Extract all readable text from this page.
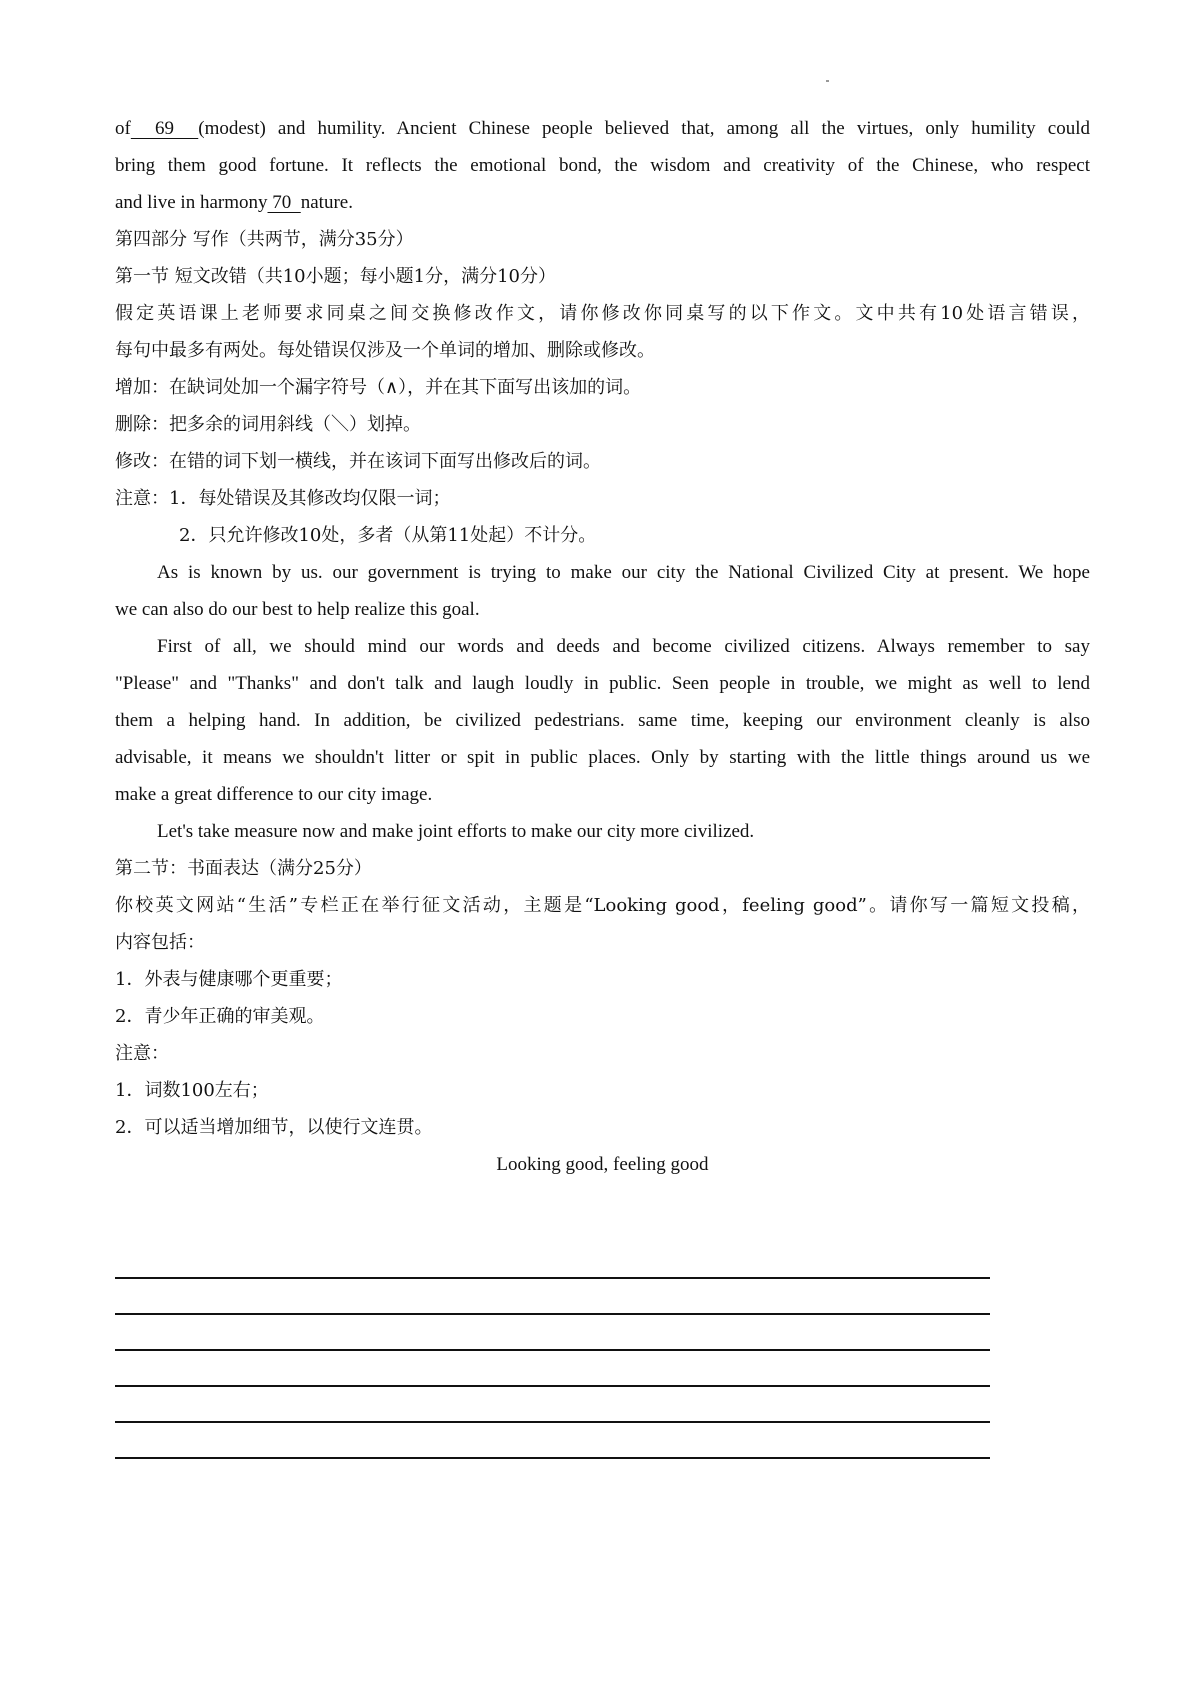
of  69  (modest) and humility. Ancient Chinese people believed that, among all the virtues, only humility could
bring them good fortune. It reflects the emotional bond, the wisdom and creativity of the Chinese, who respect
and live in harmony 70  nature.
第四部分 写作（共两节，满分35分）
第一节 短文改错（共10小题；每小题1分，满分10分）
假定英语课上老师要求同桌之间交换修改作文，请你修改你同桌写的以下作文。文中共有10处语言错误，
每句中最多有两处。每处错误仅涉及一个单词的增加、删除或修改。
增加：在缺词处加一个漏字符号（∧），并在其下面写出该加的词。
删除：把多余的词用斜线（＼）划掉。
修改：在错的词下划一横线，并在该词下面写出修改后的词。
注意：1．每处错误及其修改均仅限一词；
2．只允许修改10处，多者（从第11处起）不计分。
As is known by us. our government is trying to make our city the National Civilized City at present. We hope
we can also do our best to help realize this goal.
First of all, we should mind our words and deeds and become civilized citizens. Always remember to say
"Please" and "Thanks" and don't talk and laugh loudly in public. Seen people in trouble, we might as well to lend
them a helping hand. In addition, be civilized pedestrians. same time, keeping our environment cleanly is also
advisable, it means we shouldn't litter or spit in public places. Only by starting with the little things around us we
make a great difference to our city image.
Let's take measure now and make joint efforts to make our city more civilized.
第二节：书面表达（满分25分）
你校英文网站“生活”专栏正在举行征文活动，主题是“Looking good，feeling good”。请你写一篇短文投稿，
内容包括：
1．外表与健康哪个更重要；
2．青少年正确的审美观。
注意：
1．词数100左右；
2．可以适当增加细节，以使行文连贯。
Looking good, feeling good
